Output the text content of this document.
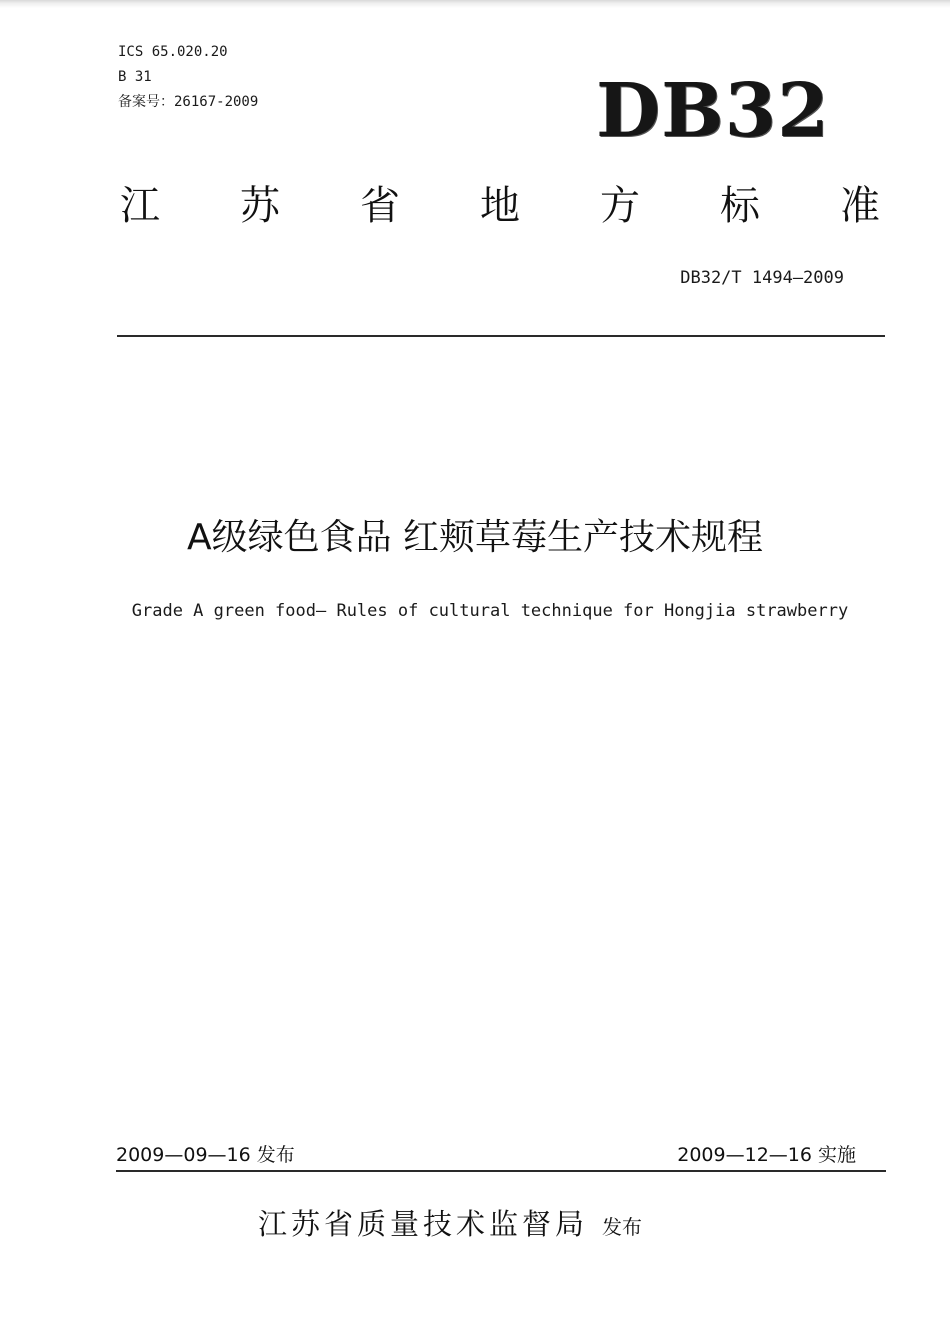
ICS 65.020.20
B 31
备案号：26167-2009	DB32
江	苏	省	地	方	标	准
DB32/T 1494—2009
A级绿色食品 红颊草莓生产技术规程
Grade A green food— Rules of cultural technique for Hongjia strawberry
2009—09—16 发布	2009—12—16 实施
江苏省质量技术监督局 发布
